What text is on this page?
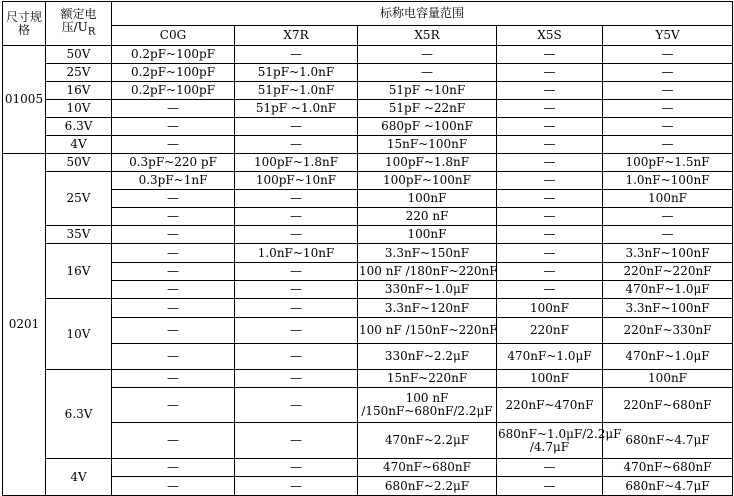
尺寸规格	额定电压$/U_R$	标称电容量范围				
		C0G	X7R	X5R	X5S	Y5V
01005	50V	0.2pF~100pF	—	—	—	—
	25V	0.2pF~100pF	51pF~1.0nF	—	—	—
	16V	0.2pF~100pF	51pF~1.0nF	51pF ~10nF	—	—
	10V	—	51pF ~1.0nF	51pF ~22nF	—	—
	6.3V	—	—	680pF ~100nF	—	—
	4V	—	—	15nF~100nF	—	—
0201	50V	0.3pF~220 pF	100pF~1.8nF	100pF~1.8nF	—	100pF~1.5nF
	25V	0.3pF~1nF	100pF~10nF	100pF~100nF	—	1.0nF~100nF
		—	—	100nF	—	100nF
		—	—	220 nF	—	—
	35V	—	—	100nF	—	—
	16V	—	1.0nF~10nF	3.3nF~150nF	—	3.3nF~100nF
		—	—	100 nF /180nF~220nF	—	220nF~220nF
		—	—	330nF~1.0μF	—	470nF~1.0μF
	10V	—	—	3.3nF~120nF	100nF	3.3nF~100nF
		—	—	100 nF /150nF~220nF	220nF	220nF~330nF
		—	—	330nF~2.2μF	470nF~1.0μF	470nF~1.0μF
	6.3V	—	—	15nF~220nF	100nF	100nF
		—	—	100 nF /150nF~680nF/2.2μF	220nF~470nF	220nF~680nF
		—	—	470nF~2.2μF	680nF~1.0μF/2.2μF /4.7μF	680nF~4.7μF
	4V	—	—	470nF~680nF	—	470nF~680nF
		—	—	680nF~2.2μF	—	680nF~4.7μF
